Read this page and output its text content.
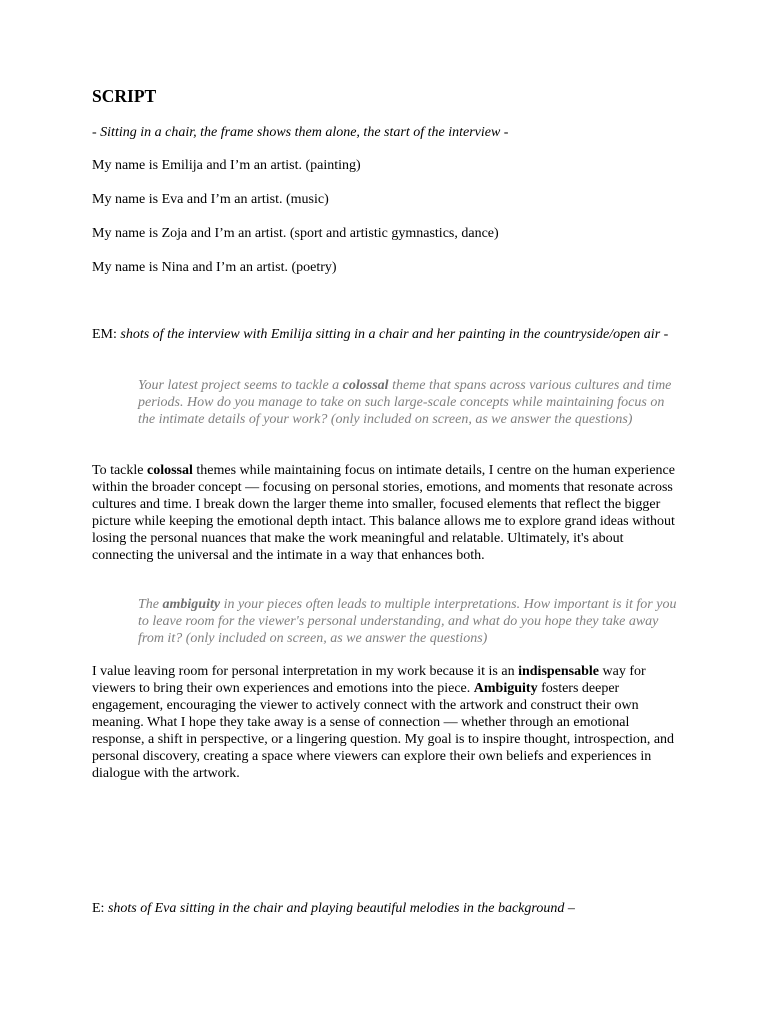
SCRIPT

- Sitting in a chair, the frame shows them alone, the start of the interview -

My name is Emilija and I’m an artist. (painting)

My name is Eva and I’m an artist. (music)

My name is Zoja and I’m an artist. (sport and artistic gymnastics, dance)

My name is Nina and I’m an artist. (poetry)

EM: shots of the interview with Emilija sitting in a chair and her painting in the countryside/open air -

Your latest project seems to tackle a colossal theme that spans across various cultures and time periods. How do you manage to take on such large-scale concepts while maintaining focus on the intimate details of your work? (only included on screen, as we answer the questions)

To tackle colossal themes while maintaining focus on intimate details, I centre on the human experience within the broader concept — focusing on personal stories, emotions, and moments that resonate across cultures and time. I break down the larger theme into smaller, focused elements that reflect the bigger picture while keeping the emotional depth intact. This balance allows me to explore grand ideas without losing the personal nuances that make the work meaningful and relatable. Ultimately, it's about connecting the universal and the intimate in a way that enhances both.

The ambiguity in your pieces often leads to multiple interpretations. How important is it for you to leave room for the viewer's personal understanding, and what do you hope they take away from it? (only included on screen, as we answer the questions)

I value leaving room for personal interpretation in my work because it is an indispensable way for viewers to bring their own experiences and emotions into the piece. Ambiguity fosters deeper engagement, encouraging the viewer to actively connect with the artwork and construct their own meaning. What I hope they take away is a sense of connection — whether through an emotional response, a shift in perspective, or a lingering question. My goal is to inspire thought, introspection, and personal discovery, creating a space where viewers can explore their own beliefs and experiences in dialogue with the artwork.

E: shots of Eva sitting in the chair and playing beautiful melodies in the background –
